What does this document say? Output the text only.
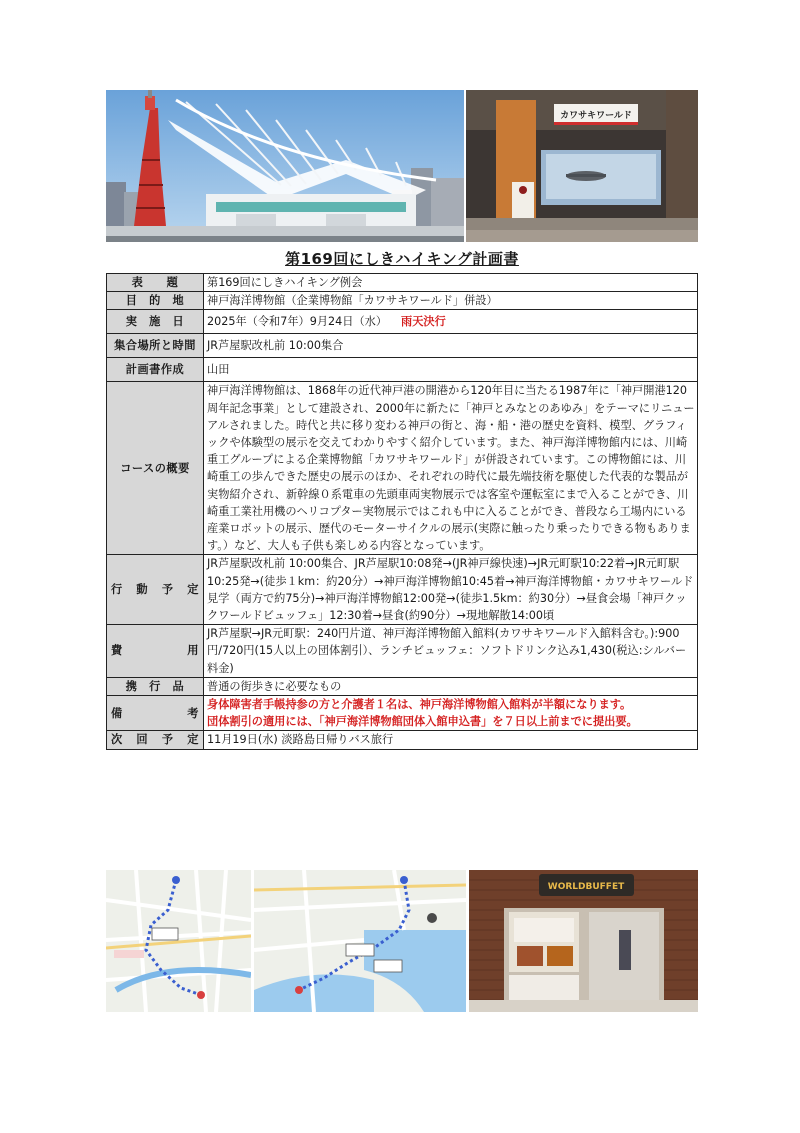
カワサキワールド
第169回にしきハイキング計画書
表　　題	第169回にしきハイキング例会
目　的　地	神戸海洋博物館（企業博物館「カワサキワールド」併設）
実　施　日	2025年（令和7年）9月24日（水） 雨天決行
集合場所と時間	JR芦屋駅改札前 10:00集合
計画書作成	山田
コースの概要	神戸海洋博物館は、1868年の近代神戸港の開港から120年目に当たる1987年に「神戸開港120周年記念事業」として建設され、2000年に新たに「神戸とみなとのあゆみ」をテーマにリニューアルされました。時代と共に移り変わる神戸の街と、海・船・港の歴史を資料、模型、グラフィックや体験型の展示を交えてわかりやすく紹介しています。また、神戸海洋博物館内には、川崎重工グループによる企業博物館「カワサキワールド」が併設されています。この博物館には、川崎重工の歩んできた歴史の展示のほか、それぞれの時代に最先端技術を駆使した代表的な製品が実物紹介され、新幹線０系電車の先頭車両実物展示では客室や運転室にまで入ることができ、川崎重工業社用機のヘリコプター実物展示ではこれも中に入ることができ、普段なら工場内にいる産業ロボットの展示、歴代のモーターサイクルの展示(実際に触ったり乗ったりできる物もあります。）など、大人も子供も楽しめる内容となっています。
行動予定	JR芦屋駅改札前 10:00集合、JR芦屋駅10:08発→(JR神戸線快速)→JR元町駅10:22着→JR元町駅10:25発→(徒歩１km：約20分）→神戸海洋博物館10:45着→神戸海洋博物館・カワサキワールド見学（両方で約75分)→神戸海洋博物館12:00発→(徒歩1.5km：約30分）→昼食会場「神戸クックワールドビュッフェ」12:30着→昼食(約90分）→現地解散14:00頃
費用	JR芦屋駅→JR元町駅：240円片道、神戸海洋博物館入館料(カワサキワールド入館料含む。):900円/720円(15人以上の団体割引）、ランチビュッフェ：ソフトドリンク込み1,430(税込:シルバー料金)
携　行　品	普通の街歩きに必要なもの
備考	身体障害者手帳持参の方と介護者１名は、神戸海洋博物館入館料が半額になります。
団体割引の適用には、「神戸海洋博物館団体入館申込書」を７日以上前までに提出要。

次回予定	11月19日(水) 淡路島日帰りバス旅行
WORLDBUFFET
